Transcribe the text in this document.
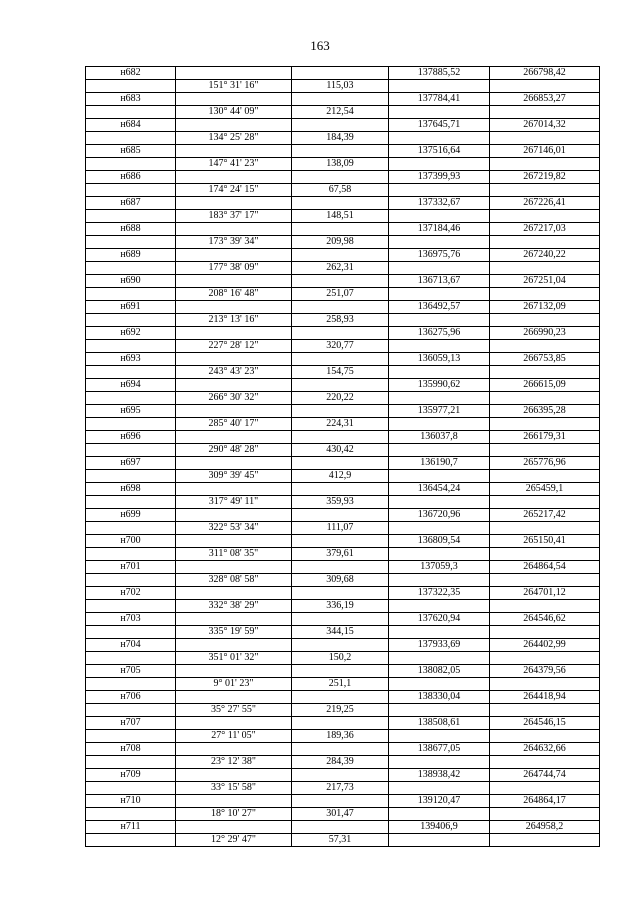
163
н682			137885,52	266798,42
	151° 31' 16"	115,03		
н683			137784,41	266853,27
	130° 44' 09"	212,54		
н684			137645,71	267014,32
	134° 25' 28"	184,39		
н685			137516,64	267146,01
	147° 41' 23"	138,09		
н686			137399,93	267219,82
	174° 24' 15"	67,58		
н687			137332,67	267226,41
	183° 37' 17"	148,51		
н688			137184,46	267217,03
	173° 39' 34"	209,98		
н689			136975,76	267240,22
	177° 38' 09"	262,31		
н690			136713,67	267251,04
	208° 16' 48"	251,07		
н691			136492,57	267132,09
	213° 13' 16"	258,93		
н692			136275,96	266990,23
	227° 28' 12"	320,77		
н693			136059,13	266753,85
	243° 43' 23"	154,75		
н694			135990,62	266615,09
	266° 30' 32"	220,22		
н695			135977,21	266395,28
	285° 40' 17"	224,31		
н696			136037,8	266179,31
	290° 48' 28"	430,42		
н697			136190,7	265776,96
	309° 39' 45"	412,9		
н698			136454,24	265459,1
	317° 49' 11"	359,93		
н699			136720,96	265217,42
	322° 53' 34"	111,07		
н700			136809,54	265150,41
	311° 08' 35"	379,61		
н701			137059,3	264864,54
	328° 08' 58"	309,68		
н702			137322,35	264701,12
	332° 38' 29"	336,19		
н703			137620,94	264546,62
	335° 19' 59"	344,15		
н704			137933,69	264402,99
	351° 01' 32"	150,2		
н705			138082,05	264379,56
	9° 01' 23"	251,1		
н706			138330,04	264418,94
	35° 27' 55"	219,25		
н707			138508,61	264546,15
	27° 11' 05"	189,36		
н708			138677,05	264632,66
	23° 12' 38"	284,39		
н709			138938,42	264744,74
	33° 15' 58"	217,73		
н710			139120,47	264864,17
	18° 10' 27"	301,47		
н711			139406,9	264958,2
	12° 29' 47"	57,31		
